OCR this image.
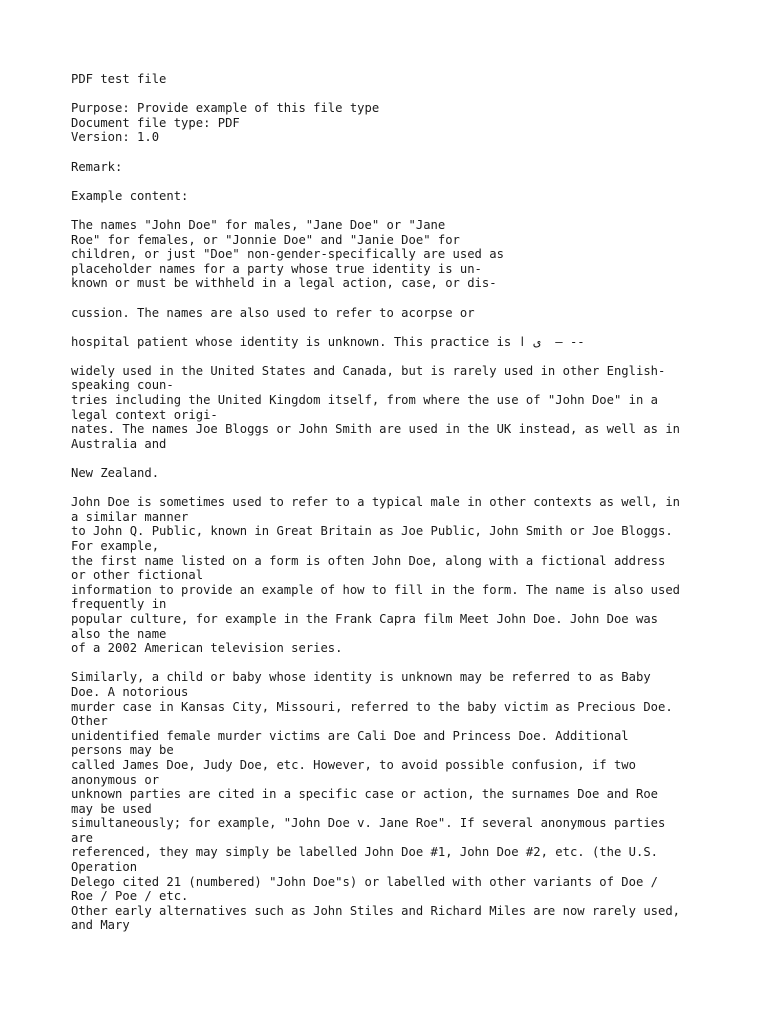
PDF test file
Purpose: Provide example of this file type
Document file type: PDF
Version: 1.0
Remark:
Example content:
The names "John Doe" for males, "Jane Doe" or "Jane
Roe" for females, or "Jonnie Doe" and "Janie Doe" for
children, or just "Doe" non-gender-specifically are used as
placeholder names for a party whose true identity is un-
known or must be withheld in a legal action, case, or dis-
cussion. The names are also used to refer to acorpse or
hospital patient whose identity is unknown. This practice is ى ا  — --
widely used in the United States and Canada, but is rarely used in other English-
speaking coun-
tries including the United Kingdom itself, from where the use of "John Doe" in a
legal context origi-
nates. The names Joe Bloggs or John Smith are used in the UK instead, as well as in
Australia and
New Zealand.
John Doe is sometimes used to refer to a typical male in other contexts as well, in
a similar manner
to John Q. Public, known in Great Britain as Joe Public, John Smith or Joe Bloggs.
For example,
the first name listed on a form is often John Doe, along with a fictional address
or other fictional
information to provide an example of how to fill in the form. The name is also used
frequently in
popular culture, for example in the Frank Capra film Meet John Doe. John Doe was
also the name
of a 2002 American television series.
Similarly, a child or baby whose identity is unknown may be referred to as Baby
Doe. A notorious
murder case in Kansas City, Missouri, referred to the baby victim as Precious Doe.
Other
unidentified female murder victims are Cali Doe and Princess Doe. Additional
persons may be
called James Doe, Judy Doe, etc. However, to avoid possible confusion, if two
anonymous or
unknown parties are cited in a specific case or action, the surnames Doe and Roe
may be used
simultaneously; for example, "John Doe v. Jane Roe". If several anonymous parties
are
referenced, they may simply be labelled John Doe #1, John Doe #2, etc. (the U.S.
Operation
Delego cited 21 (numbered) "John Doe"s) or labelled with other variants of Doe /
Roe / Poe / etc.
Other early alternatives such as John Stiles and Richard Miles are now rarely used,
and Mary
